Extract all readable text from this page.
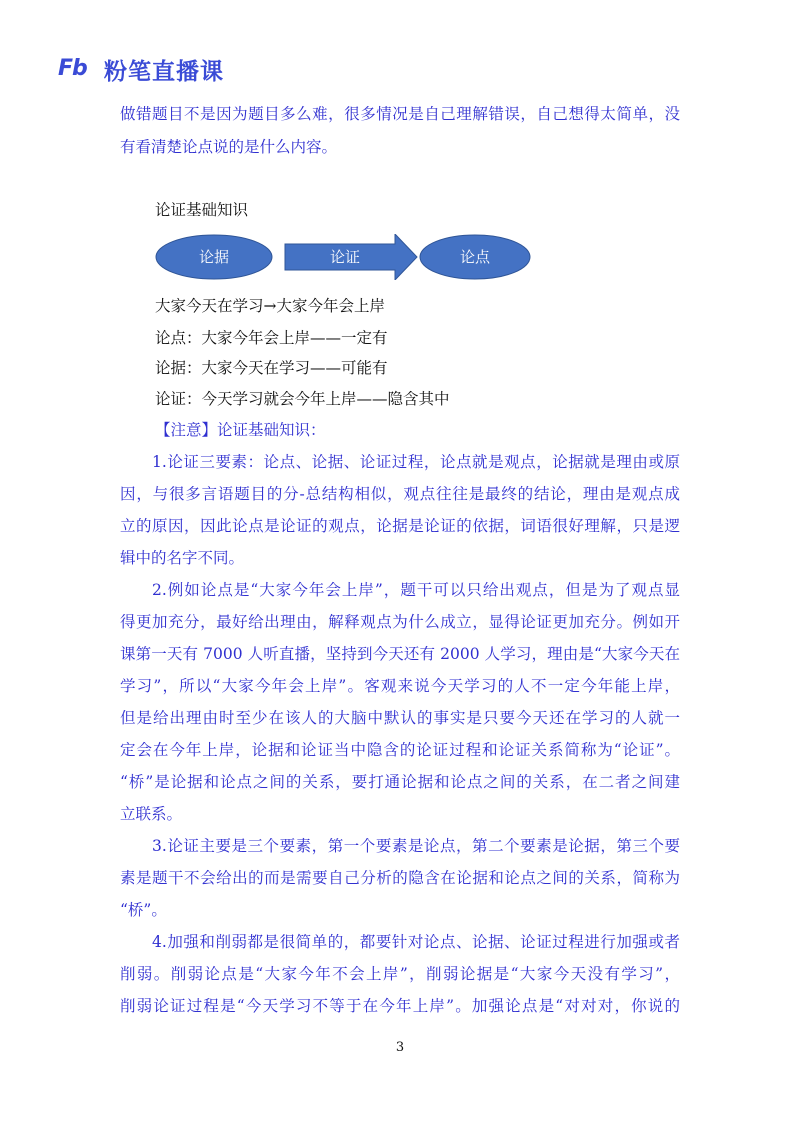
Fb 粉笔直播课
做错题目不是因为题目多么难，很多情况是自己理解错误，自己想得太简单，没
有看清楚论点说的是什么内容。
论证基础知识
论据	论证	论点
大家今天在学习→大家今年会上岸
论点：大家今年会上岸——一定有
论据：大家今天在学习——可能有
论证：今天学习就会今年上岸——隐含其中
【注意】论证基础知识：
1.论证三要素：论点、论据、论证过程，论点就是观点，论据就是理由或原
因，与很多言语题目的分-总结构相似，观点往往是最终的结论，理由是观点成
立的原因，因此论点是论证的观点，论据是论证的依据，词语很好理解，只是逻
辑中的名字不同。
2.例如论点是“大家今年会上岸”，题干可以只给出观点，但是为了观点显
得更加充分，最好给出理由，解释观点为什么成立，显得论证更加充分。例如开
课第一天有 7000 人听直播，坚持到今天还有 2000 人学习，理由是“大家今天在
学习”，所以“大家今年会上岸”。客观来说今天学习的人不一定今年能上岸，
但是给出理由时至少在该人的大脑中默认的事实是只要今天还在学习的人就一
定会在今年上岸，论据和论证当中隐含的论证过程和论证关系简称为“论证”。
“桥”是论据和论点之间的关系，要打通论据和论点之间的关系，在二者之间建
立联系。
3.论证主要是三个要素，第一个要素是论点，第二个要素是论据，第三个要
素是题干不会给出的而是需要自己分析的隐含在论据和论点之间的关系，简称为
“桥”。
4.加强和削弱都是很简单的，都要针对论点、论据、论证过程进行加强或者
削弱。削弱论点是“大家今年不会上岸”，削弱论据是“大家今天没有学习”，
削弱论证过程是“今天学习不等于在今年上岸”。加强论点是“对对对，你说的
3
